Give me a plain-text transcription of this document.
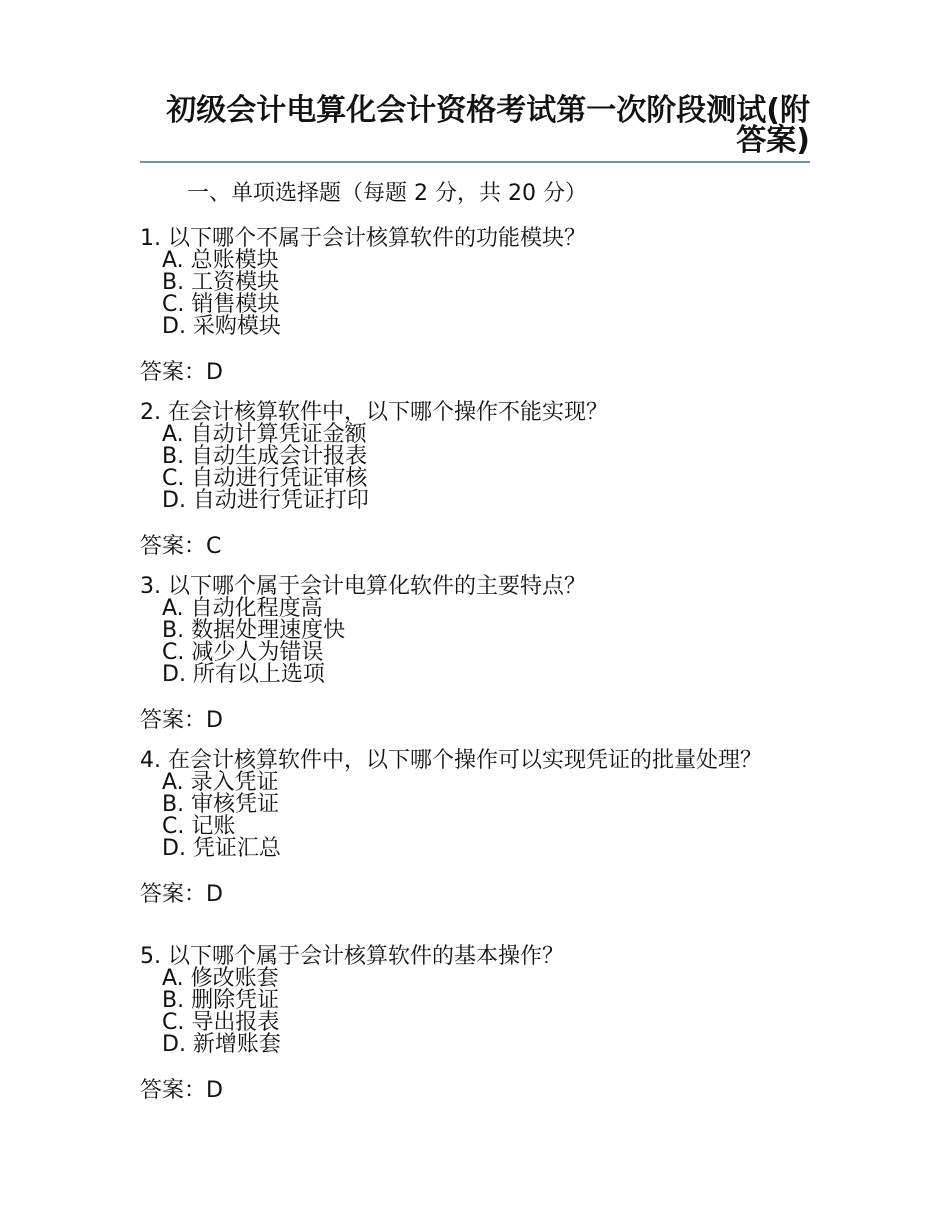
初级会计电算化会计资格考试第一次阶段测试(附答案)

一、单项选择题（每题 2 分，共 20 分）

1. 以下哪个不属于会计核算软件的功能模块？

A. 总账模块
B. 工资模块
C. 销售模块
D. 采购模块

答案：D

2. 在会计核算软件中，以下哪个操作不能实现？

A. 自动计算凭证金额
B. 自动生成会计报表
C. 自动进行凭证审核
D. 自动进行凭证打印

答案：C

3. 以下哪个属于会计电算化软件的主要特点？

A. 自动化程度高
B. 数据处理速度快
C. 减少人为错误
D. 所有以上选项

答案：D

4. 在会计核算软件中，以下哪个操作可以实现凭证的批量处理？

A. 录入凭证
B. 审核凭证
C. 记账
D. 凭证汇总

答案：D

5. 以下哪个属于会计核算软件的基本操作？

A. 修改账套
B. 删除凭证
C. 导出报表
D. 新增账套

答案：D
